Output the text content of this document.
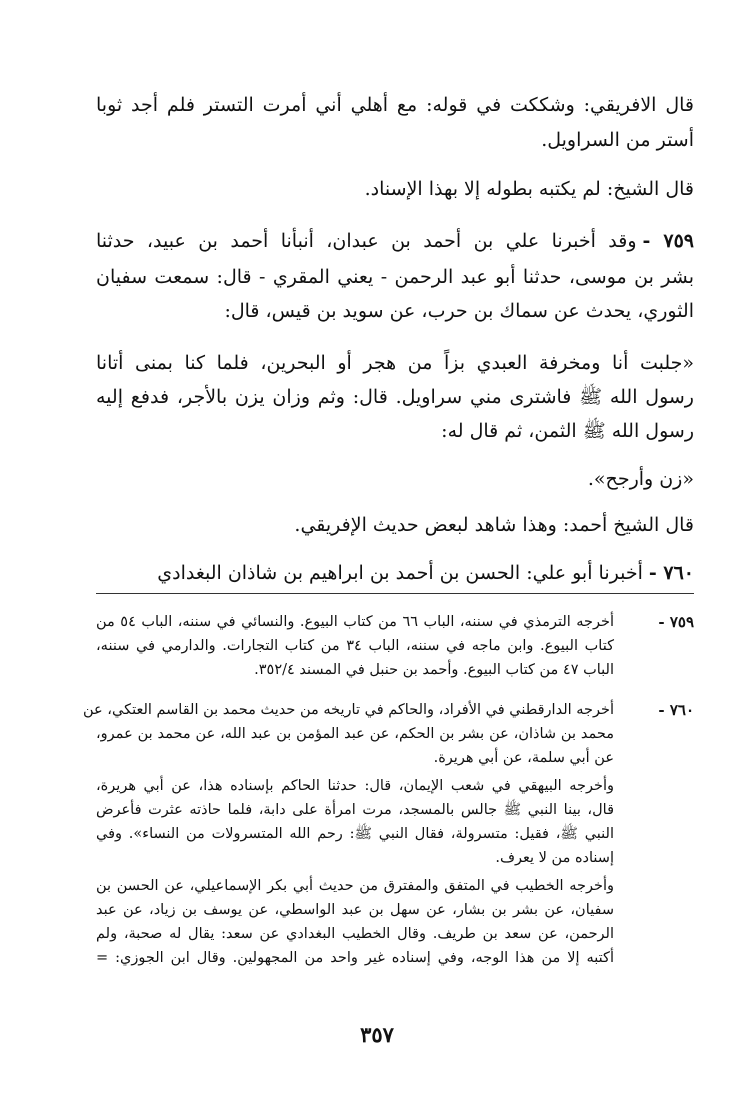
قال الافريقي: وشككت في قوله: مع أهلي أني أمرت التستر فلم أجد ثوبا
أستر من السراويل.
قال الشيخ: لم يكتبه بطوله إلا بهذا الإسناد.
٧٥٩ -وقد أخبرنا علي بن أحمد بن عبدان، أنبأنا أحمد بن عبيد، حدثنا
بشر بن موسى، حدثنا أبو عبد الرحمن - يعني المقري - قال: سمعت سفيان
الثوري، يحدث عن سماك بن حرب، عن سويد بن قيس، قال:
«جلبت أنا ومخرفة العبدي بزاً من هجر أو البحرين، فلما كنا بمنى أتانا
رسول الله ﷺ فاشترى مني سراويل. قال: وثم وزان يزن بالأجر، فدفع إليه
رسول الله ﷺ الثمن، ثم قال له:
«زن وأرجح».
قال الشيخ أحمد: وهذا شاهد لبعض حديث الإفريقي.
٧٦٠ -أخبرنا أبو علي: الحسن بن أحمد بن ابراهيم بن شاذان البغدادي
٧٥٩ -
أخرجه الترمذي في سننه، الباب ٦٦ من كتاب البيوع. والنسائي في سننه، الباب ٥٤ من
كتاب البيوع. وابن ماجه في سننه، الباب ٣٤ من كتاب التجارات. والدارمي في سننه،
الباب ٤٧ من كتاب البيوع. وأحمد بن حنبل في المسند ٣٥٢/٤.
٧٦٠ -
أخرجه الدارقطني في الأفراد، والحاكم في تاريخه من حديث محمد بن القاسم العتكي، عن
محمد بن شاذان، عن بشر بن الحكم، عن عبد المؤمن بن عبد الله، عن محمد بن عمرو،
عن أبي سلمة، عن أبي هريرة.
وأخرجه البيهقي في شعب الإيمان، قال: حدثنا الحاكم بإسناده هذا، عن أبي هريرة،
قال، بينا النبي ﷺ جالس بالمسجد، مرت امرأة على دابة، فلما حاذته عثرت فأعرض
النبي ﷺ، فقيل: متسرولة، فقال النبي ﷺ: رحم الله المتسرولات من النساء». وفي
إسناده من لا يعرف.
وأخرجه الخطيب في المتفق والمفترق من حديث أبي بكر الإسماعيلي، عن الحسن بن
سفيان، عن بشر بن بشار، عن سهل بن عبد الواسطي، عن يوسف بن زياد، عن عبد
الرحمن، عن سعد بن طريف. وقال الخطيب البغدادي عن سعد: يقال له صحبة، ولم
أكتبه إلا من هذا الوجه، وفي إسناده غير واحد من المجهولين. وقال ابن الجوزي: =
٣٥٧
